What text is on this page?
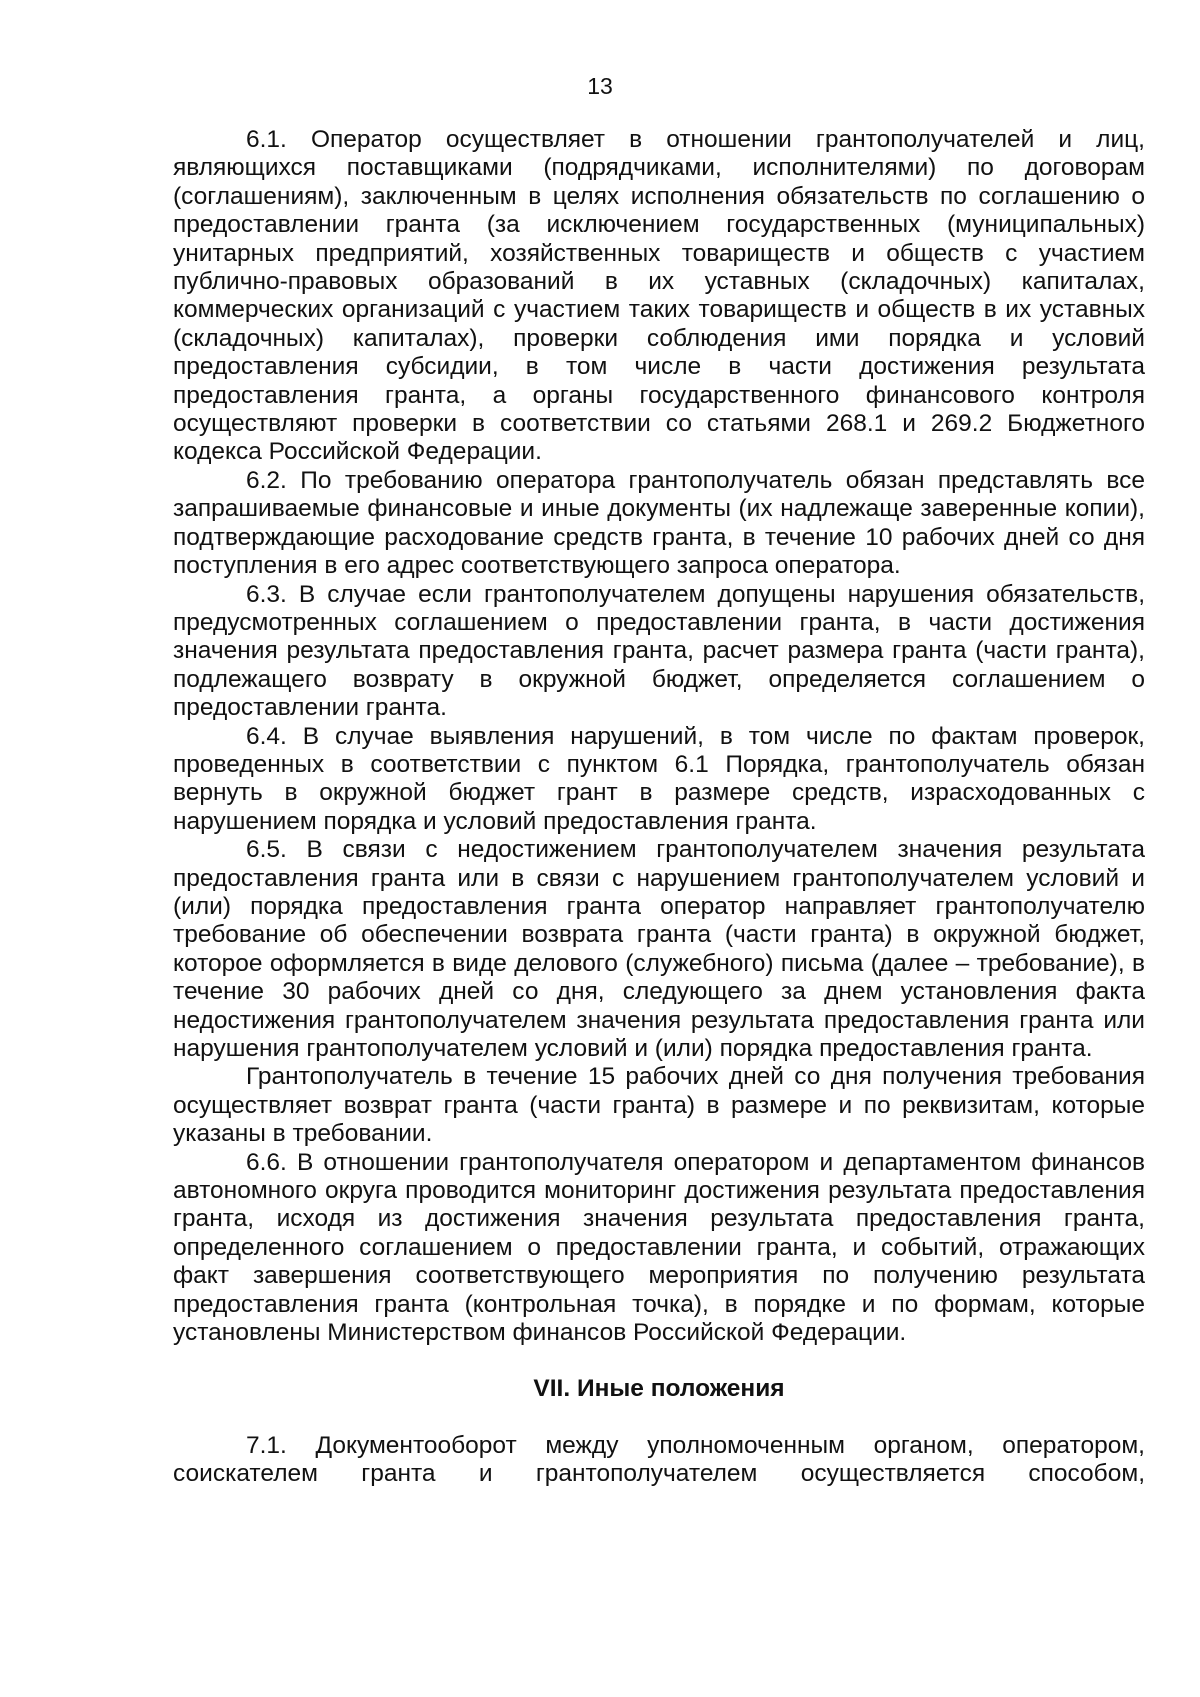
13

6.1. Оператор осуществляет в отношении грантополучателей и лиц, являющихся поставщиками (подрядчиками, исполнителями) по договорам (соглашениям), заключенным в целях исполнения обязательств по соглашению о предоставлении гранта (за исключением государственных (муниципальных) унитарных предприятий, хозяйственных товариществ и обществ с участием публично-правовых образований в их уставных (складочных) капиталах, коммерческих организаций с участием таких товариществ и обществ в их уставных (складочных) капиталах), проверки соблюдения ими порядка и условий предоставления субсидии, в том числе в части достижения результата предоставления гранта, а органы государственного финансового контроля осуществляют проверки в соответствии со статьями 268.1 и 269.2 Бюджетного кодекса Российской Федерации.

6.2. По требованию оператора грантополучатель обязан представлять все запрашиваемые финансовые и иные документы (их надлежаще заверенные копии), подтверждающие расходование средств гранта, в течение 10 рабочих дней со дня поступления в его адрес соответствующего запроса оператора.

6.3. В случае если грантополучателем допущены нарушения обязательств, предусмотренных соглашением о предоставлении гранта, в части достижения значения результата предоставления гранта, расчет размера гранта (части гранта), подлежащего возврату в окружной бюджет, определяется соглашением о предоставлении гранта.

6.4. В случае выявления нарушений, в том числе по фактам проверок, проведенных в соответствии с пунктом 6.1 Порядка, грантополучатель обязан вернуть в окружной бюджет грант в размере средств, израсходованных с нарушением порядка и условий предоставления гранта.

6.5. В связи с недостижением грантополучателем значения результата предоставления гранта или в связи с нарушением грантополучателем условий и (или) порядка предоставления гранта оператор направляет грантополучателю требование об обеспечении возврата гранта (части гранта) в окружной бюджет, которое оформляется в виде делового (служебного) письма (далее – требование), в течение 30 рабочих дней со дня, следующего за днем установления факта недостижения грантополучателем значения результата предоставления гранта или нарушения грантополучателем условий и (или) порядка предоставления гранта.

Грантополучатель в течение 15 рабочих дней со дня получения требования осуществляет возврат гранта (части гранта) в размере и по реквизитам, которые указаны в требовании.

6.6. В отношении грантополучателя оператором и департаментом финансов автономного округа проводится мониторинг достижения результата предоставления гранта, исходя из достижения значения результата предоставления гранта, определенного соглашением о предоставлении гранта, и событий, отражающих факт завершения соответствующего мероприятия по получению результата предоставления гранта (контрольная точка), в порядке и по формам, которые установлены Министерством финансов Российской Федерации.

VII. Иные положения

7.1. Документооборот между уполномоченным органом, оператором, соискателем гранта и грантополучателем осуществляется способом,
